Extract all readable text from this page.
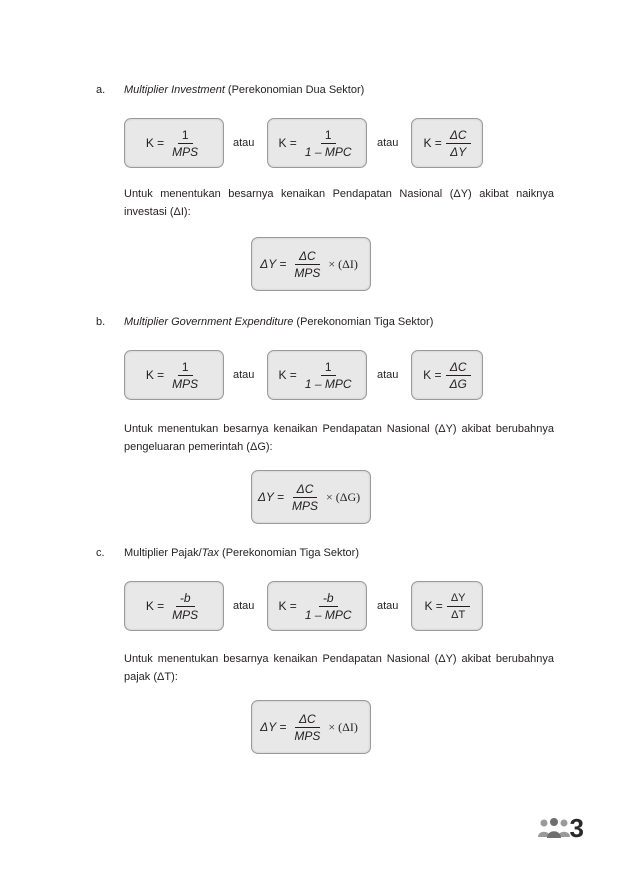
a. Multiplier Investment (Perekonomian Dua Sektor)
$K = \frac{1}{\text{MPS}}$	atau $K = \frac{1}{\text{1 – MPC}}$ atau $K = \frac{\Delta C}{\Delta Y}$
Untuk menentukan besarnya kenaikan Pendapatan Nasional (ΔY) akibat naiknya investasi (ΔI):
$\Delta Y = \frac{\Delta C}{\text{MPS}} \times (\Delta I)$
b. Multiplier Government Expenditure (Perekonomian Tiga Sektor)
$K = \frac{1}{\text{MPS}}$	atau $K = \frac{1}{\text{1 – MPC}}$ atau $K = \frac{\Delta C}{\Delta G}$
Untuk menentukan besarnya kenaikan Pendapatan Nasional (ΔY) akibat berubahnya pengeluaran pemerintah (ΔG):
$\Delta Y = \frac{\Delta C}{\text{MPS}} \times (\Delta G)$
c. Multiplier Pajak/Tax (Perekonomian Tiga Sektor)
$K = \frac{-b}{\text{MPS}}$	atau $K = \frac{-b}{\text{1 – MPC}}$ atau $K = \frac{\Delta Y}{\Delta T}$
Untuk menentukan besarnya kenaikan Pendapatan Nasional (ΔY) akibat berubahnya pajak (ΔT):
$\Delta Y = \frac{\Delta C}{\text{MPS}} \times (\Delta I)$
3
